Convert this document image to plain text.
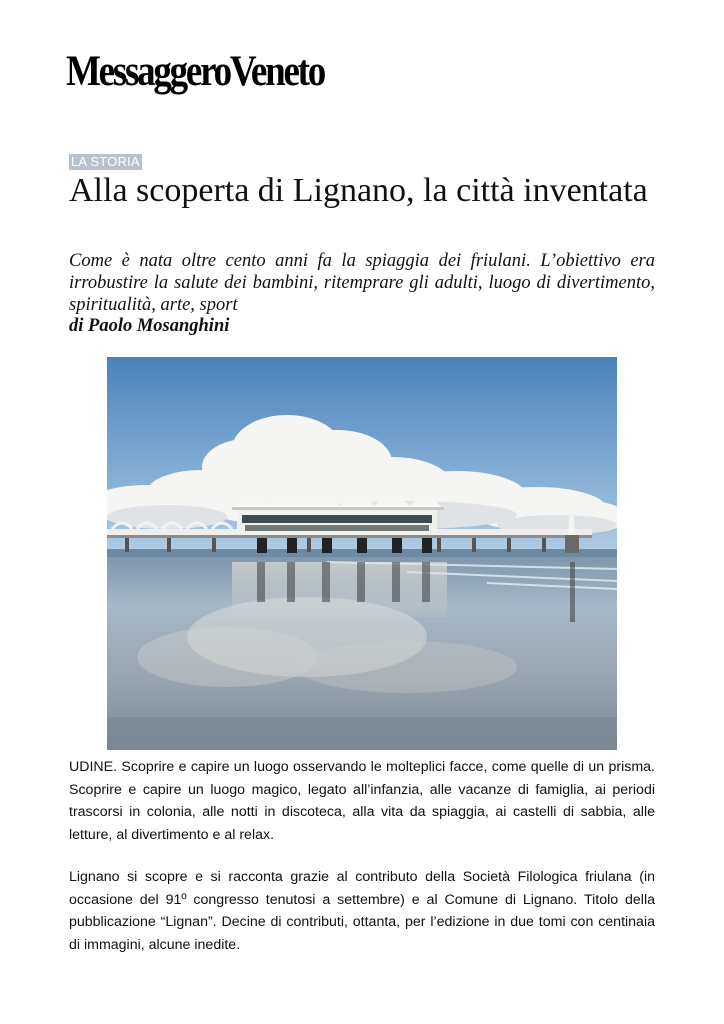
MessaggeroVeneto
LA STORIA
Alla scoperta di Lignano, la città inventata

Come è nata oltre cento anni fa la spiaggia dei friulani. L’obiettivo era irrobustire la salute dei bambini, ritemprare gli adulti, luogo di divertimento, spiritualità, arte, sport

di Paolo Mosanghini

UDINE. Scoprire e capire un luogo osservando le molteplici facce, come quelle di un prisma. Scoprire e capire un luogo magico, legato all’infanzia, alle vacanze di famiglia, ai periodi trascorsi in colonia, alle notti in discoteca, alla vita da spiaggia, ai castelli di sabbia, alle letture, al divertimento e al relax.

Lignano si scopre e si racconta grazie al contributo della Società Filologica friulana (in occasione del 91º congresso tenutosi a settembre) e al Comune di Lignano. Titolo della pubblicazione “Lignan”. Decine di contributi, ottanta, per l’edizione in due tomi con centinaia di immagini, alcune inedite.
